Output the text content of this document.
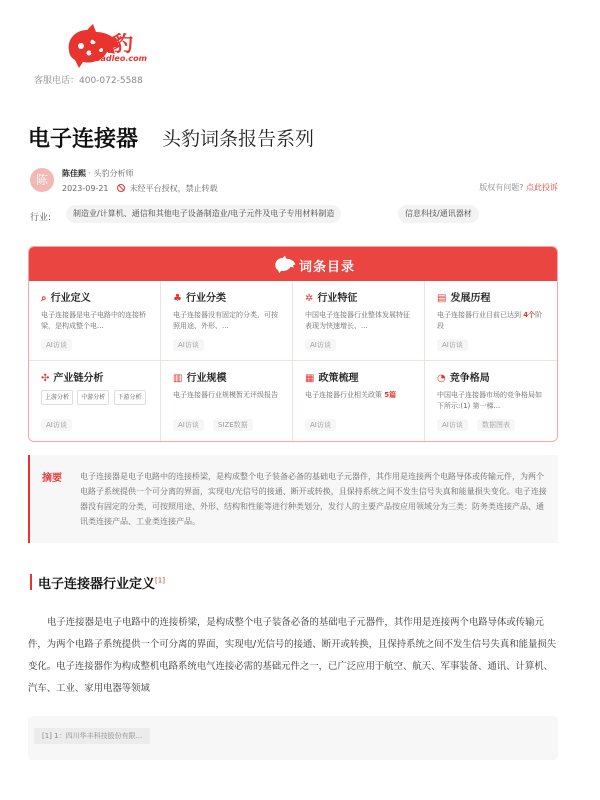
头豹
Leadleo.com
客服电话：400-072-5588
电子连接器 头豹词条报告系列
陈	陈佳熙 · 头豹分析师
2023-09-21	未经平台授权，禁止转载	版权有问题? 点此投诉
行业:	制造业/计算机、通信和其他电子设备制造业/电子元件及电子专用材料制造	信息科技/通讯器材
词条目录
⌕ 行业定义
电子连接器是电子电路中的连接桥梁，是构成整个电...
AI访谈
♣ 行业分类
电子连接器没有固定的分类，可按照用途、外形、...
AI访谈
✲ 行业特征
中国电子连接器行业整体发展特征表现为快速增长、...
AI访谈
▤ 发展历程
电子连接器行业目前已达到 4个阶段
AI访谈
✣ 产业链分析
上游分析 中游分析 下游分析
AI访谈
▥ 行业规模
电子连接器行业规模暂无评级报告
AI访谈	SIZE数据
▦ 政策梳理
电子连接器行业相关政策 5篇
AI访谈
◔ 竞争格局
中国电子连接器市场的竞争格局如下所示:(1) 第一梯...
AI访谈	数据图表
摘要 电子连接器是电子电路中的连接桥梁，是构成整个电子装备必备的基础电子元器件，其作用是连接两个电路导体或传输元件，为两个电路子系统提供一个可分离的界面，实现电/光信号的接通、断开或转换，且保持系统之间不发生信号失真和能量损失变化。电子连接器没有固定的分类，可按照用途、外形、结构和性能等进行种类划分，发行人的主要产品按应用领域分为三类：防务类连接产品、通讯类连接产品、工业类连接产品。
电子连接器行业定义[1]
电子连接器是电子电路中的连接桥梁，是构成整个电子装备必备的基础电子元器件，其作用是连接两个电路导体或传输元件，为两个电路子系统提供一个可分离的界面，实现电/光信号的接通、断开或转换，且保持系统之间不发生信号失真和能量损失变化。电子连接器作为构成整机电路系统电气连接必需的基础元件之一，已广泛应用于航空、航天、军事装备、通讯、计算机、汽车、工业、家用电器等领域
[1] 1：四川华丰科技股份有限...
